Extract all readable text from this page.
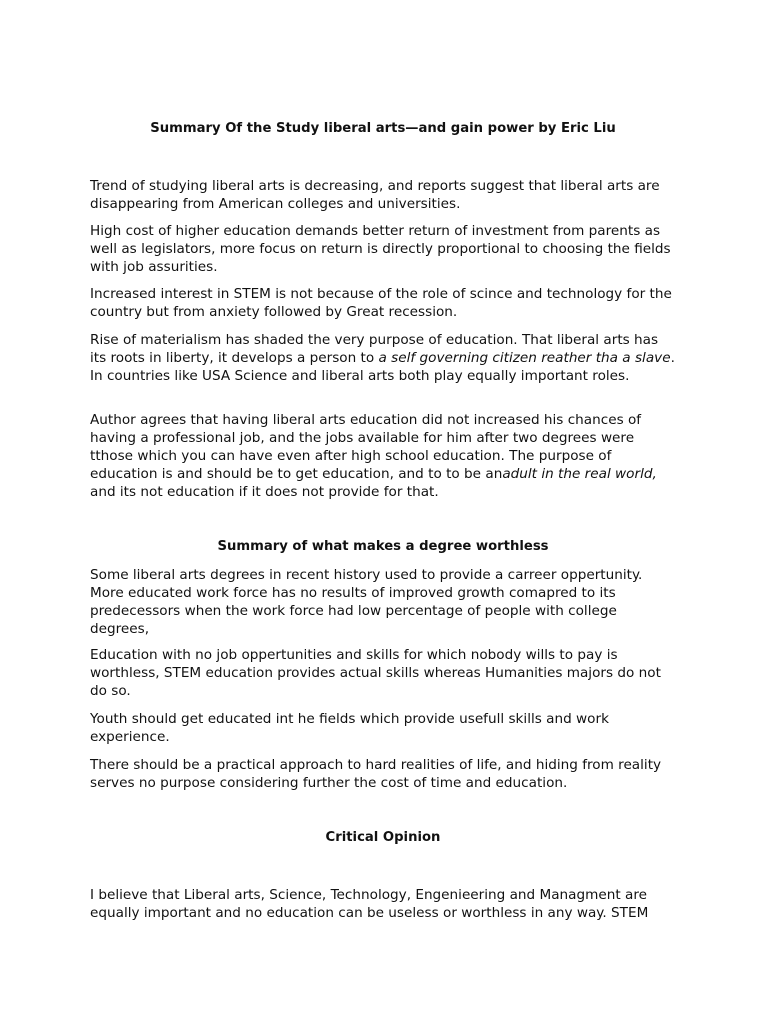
Summary Of the Study liberal arts—and gain power by Eric Liu

Trend of studying liberal arts is decreasing, and reports suggest that liberal arts are disappearing from American colleges and universities.

High cost of higher education demands better return of investment from parents as well as legislators, more focus on return is directly proportional to choosing the fields with job assurities.

Increased interest in STEM is not because of the role of scince and technology for the country but from anxiety followed by Great recession.

Rise of materialism has shaded the very purpose of education. That liberal arts has its roots in liberty, it develops a person to a self governing citizen reather tha a slave. In countries like USA Science and liberal arts both play equally important roles.

Author agrees that having liberal arts education did not increased his chances of having a professional job, and the jobs available for him after two degrees were tthose which you can have even after high school education. The purpose of education is and should be to get education, and to to be anadult in the real world, and its not education if it does not provide for that.

Summary of what makes a degree worthless

Some liberal arts degrees in recent history used to provide a carreer oppertunity. More educated work force has no results of improved growth comapred to its predecessors when the work force had low percentage of people with college degrees,

Education with no job oppertunities and skills for which nobody wills to pay is worthless, STEM education provides actual skills whereas Humanities majors do not do so.

Youth should get educated int he fields which provide usefull skills and work experience.

There should be a practical approach to hard realities of life, and hiding from reality serves no purpose considering further the cost of time and education.

Critical Opinion

I believe that Liberal arts, Science, Technology, Engenieering and Managment are equally important and no education can be useless or worthless in any way. STEM
